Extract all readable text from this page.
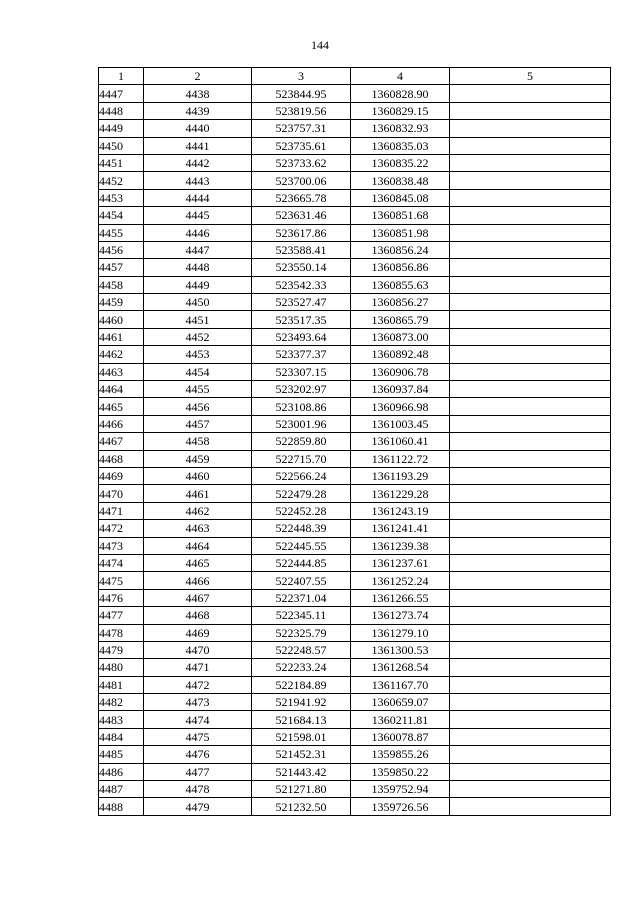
144
1	2	3	4	5
4447	4438	523844.95	1360828.90	
4448	4439	523819.56	1360829.15	
4449	4440	523757.31	1360832.93	
4450	4441	523735.61	1360835.03	
4451	4442	523733.62	1360835.22	
4452	4443	523700.06	1360838.48	
4453	4444	523665.78	1360845.08	
4454	4445	523631.46	1360851.68	
4455	4446	523617.86	1360851.98	
4456	4447	523588.41	1360856.24	
4457	4448	523550.14	1360856.86	
4458	4449	523542.33	1360855.63	
4459	4450	523527.47	1360856.27	
4460	4451	523517.35	1360865.79	
4461	4452	523493.64	1360873.00	
4462	4453	523377.37	1360892.48	
4463	4454	523307.15	1360906.78	
4464	4455	523202.97	1360937.84	
4465	4456	523108.86	1360966.98	
4466	4457	523001.96	1361003.45	
4467	4458	522859.80	1361060.41	
4468	4459	522715.70	1361122.72	
4469	4460	522566.24	1361193.29	
4470	4461	522479.28	1361229.28	
4471	4462	522452.28	1361243.19	
4472	4463	522448.39	1361241.41	
4473	4464	522445.55	1361239.38	
4474	4465	522444.85	1361237.61	
4475	4466	522407.55	1361252.24	
4476	4467	522371.04	1361266.55	
4477	4468	522345.11	1361273.74	
4478	4469	522325.79	1361279.10	
4479	4470	522248.57	1361300.53	
4480	4471	522233.24	1361268.54	
4481	4472	522184.89	1361167.70	
4482	4473	521941.92	1360659.07	
4483	4474	521684.13	1360211.81	
4484	4475	521598.01	1360078.87	
4485	4476	521452.31	1359855.26	
4486	4477	521443.42	1359850.22	
4487	4478	521271.80	1359752.94	
4488	4479	521232.50	1359726.56	
